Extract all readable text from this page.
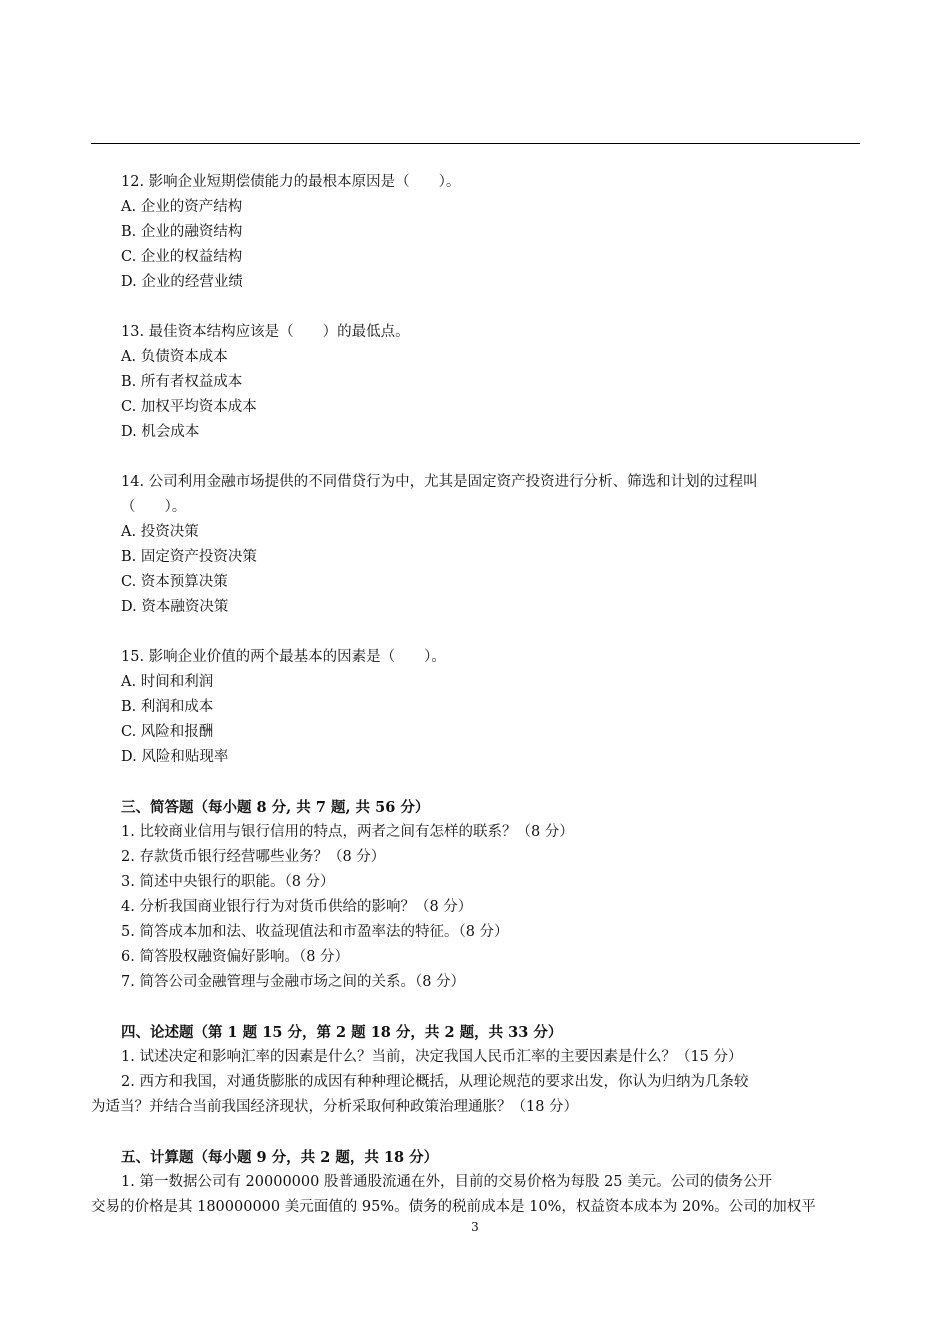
12. 影响企业短期偿债能力的最根本原因是（　　）。
A. 企业的资产结构
B. 企业的融资结构
C. 企业的权益结构
D. 企业的经营业绩
13. 最佳资本结构应该是（　　）的最低点。
A. 负债资本成本
B. 所有者权益成本
C. 加权平均资本成本
D. 机会成本
14. 公司利用金融市场提供的不同借贷行为中，尤其是固定资产投资进行分析、筛选和计划的过程叫
（　　）。
A. 投资决策
B. 固定资产投资决策
C. 资本预算决策
D. 资本融资决策
15. 影响企业价值的两个最基本的因素是（　　）。
A. 时间和利润
B. 利润和成本
C. 风险和报酬
D. 风险和贴现率
三、简答题（每小题 8 分, 共 7 题, 共 56 分）
1. 比较商业信用与银行信用的特点，两者之间有怎样的联系？（8 分）
2. 存款货币银行经营哪些业务？（8 分）
3. 简述中央银行的职能。（8 分）
4. 分析我国商业银行行为对货币供给的影响？（8 分）
5. 简答成本加和法、收益现值法和市盈率法的特征。（8 分）
6. 简答股权融资偏好影响。（8 分）
7. 简答公司金融管理与金融市场之间的关系。（8 分）
四、论述题（第 1 题 15 分，第 2 题 18 分，共 2 题，共 33 分）
1. 试述决定和影响汇率的因素是什么？当前，决定我国人民币汇率的主要因素是什么？（15 分）
2. 西方和我国，对通货膨胀的成因有种种理论概括，从理论规范的要求出发，你认为归纳为几条较
为适当？并结合当前我国经济现状，分析采取何种政策治理通胀？（18 分）
五、计算题（每小题 9 分，共 2 题，共 18 分）
1. 第一数据公司有 20000000 股普通股流通在外，目前的交易价格为每股 25 美元。公司的债务公开
交易的价格是其 180000000 美元面值的 95%。债务的税前成本是 10%，权益资本成本为 20%。公司的加权平
3
